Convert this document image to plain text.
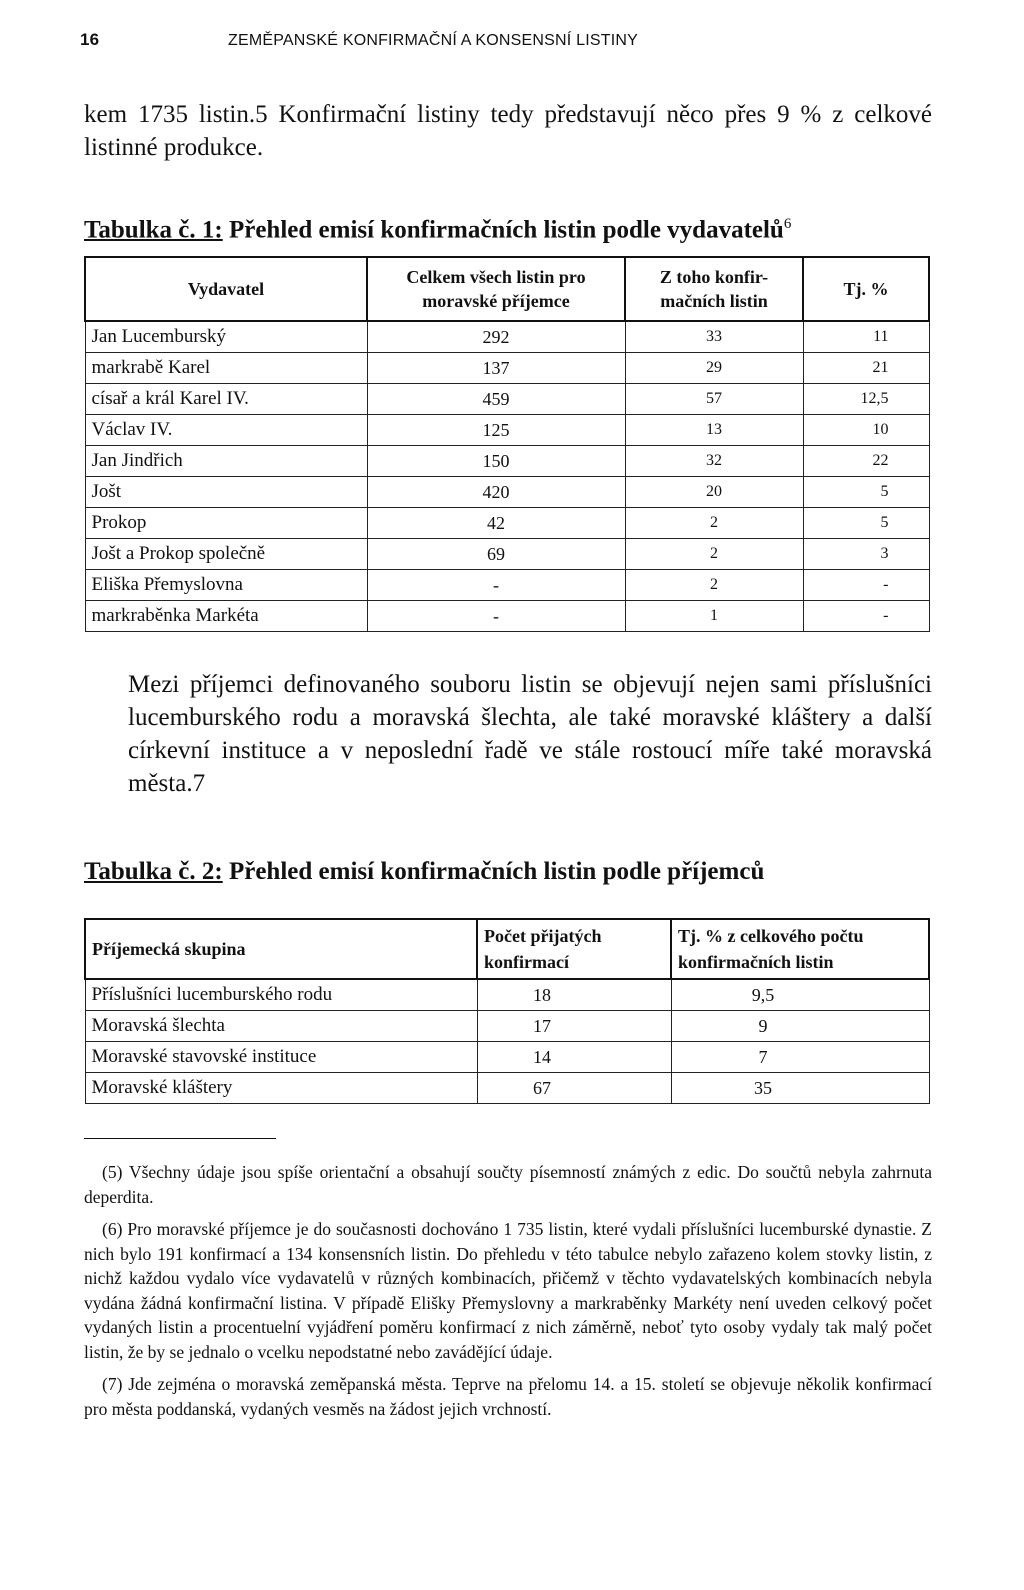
16	ZEMĚPANSKÉ KONFIRMAČNÍ A KONSENSNÍ LISTINY

kem 1735 listin.5 Konfirmační listiny tedy představují něco přes 9 % z celkové listinné produkce.

Tabulka č. 1: Přehled emisí konfirmačních listin podle vydavatelů$^6$

Vydavatel	Celkem všech listin pro moravské příjemce	Z toho konfir-mačních listin	Tj. %
Jan Lucemburský	292	33	11
markrabě Karel	137	29	21
císař a král Karel IV.	459	57	12,5
Václav IV.	125	13	10
Jan Jindřich	150	32	22
Jošt	420	20	5
Prokop	42	2	5
Jošt a Prokop společně	69	2	3
Eliška Přemyslovna	-	2	-
markraběnka Markéta	-	1	-

Mezi příjemci definovaného souboru listin se objevují nejen sami příslušníci lucemburského rodu a moravská šlechta, ale také moravské kláštery a další církevní instituce a v neposlední řadě ve stále rostoucí míře také moravská města.7

Tabulka č. 2: Přehled emisí konfirmačních listin podle příjemců

Příjemecká skupina	Počet přijatých konfirmací	Tj. % z celkového počtu konfirmačních listin
Příslušníci lucemburského rodu	18	9,5
Moravská šlechta	17	9
Moravské stavovské instituce	14	7
Moravské kláštery	67	35

(5) Všechny údaje jsou spíše orientační a obsahují součty písemností známých z edic. Do součtů nebyla zahrnuta deperdita.

(6) Pro moravské příjemce je do současnosti dochováno 1 735 listin, které vydali příslušníci lucemburské dynastie. Z nich bylo 191 konfirmací a 134 konsensních listin. Do přehledu v této tabulce nebylo zařazeno kolem stovky listin, z nichž každou vydalo více vydavatelů v různých kombinacích, přičemž v těchto vydavatelských kombinacích nebyla vydána žádná konfirmační listina. V případě Elišky Přemyslovny a markraběnky Markéty není uveden celkový počet vydaných listin a procentuelní vyjádření poměru konfirmací z nich záměrně, neboť tyto osoby vydaly tak malý počet listin, že by se jednalo o vcelku nepodstatné nebo zavádějící údaje.

(7) Jde zejména o moravská zeměpanská města. Teprve na přelomu 14. a 15. století se objevuje několik konfirmací pro města poddanská, vydaných vesměs na žádost jejich vrchností.
